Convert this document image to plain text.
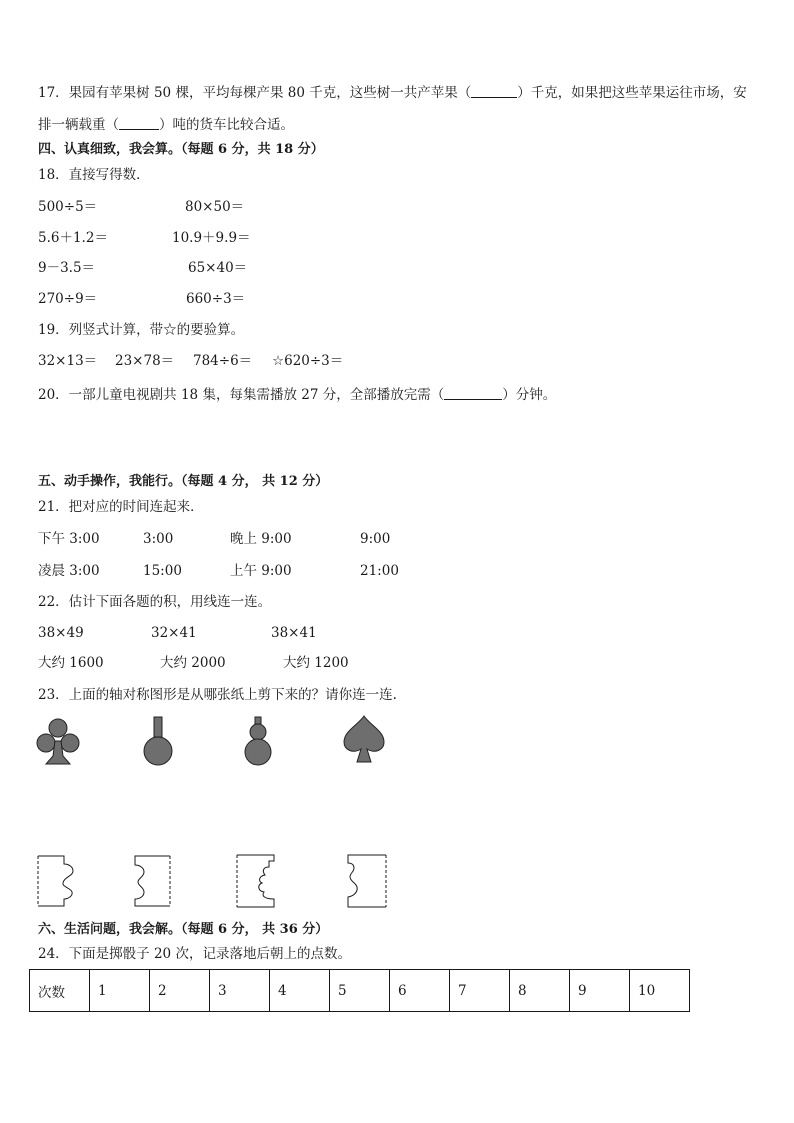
17．果园有苹果树 50 棵，平均每棵产果 80 千克，这些树一共产苹果（	）千克，如果把这些苹果运往市场，安
排一辆载重（	）吨的货车比较合适。
四、认真细致，我会算。（每题 6 分，共 18 分）
18．直接写得数．
500÷5＝	80×50＝
5.6＋1.2＝	10.9＋9.9＝
9－3.5＝	65×40＝
270÷9＝	660÷3＝
19．列竖式计算，带☆的要验算。
32×13＝ 23×78＝ 784÷6＝ ☆620÷3＝
20．一部儿童电视剧共 18 集，每集需播放 27 分，全部播放完需（	）分钟。
五、动手操作，我能行。（每题 4 分， 共 12 分）
21．把对应的时间连起来．
下午 3:00	3:00	晚上 9:00	9:00
凌晨 3:00	15:00	上午 9:00	21:00
22．估计下面各题的积，用线连一连。
38×49	32×41	38×41
大约 1600	大约 2000	大约 1200
23．上面的轴对称图形是从哪张纸上剪下来的？请你连一连.
六、生活问题，我会解。（每题 6 分， 共 36 分）
24．下面是掷骰子 20 次，记录落地后朝上的点数。
次数	1	2	3	4	5	6	7	8	9	10
